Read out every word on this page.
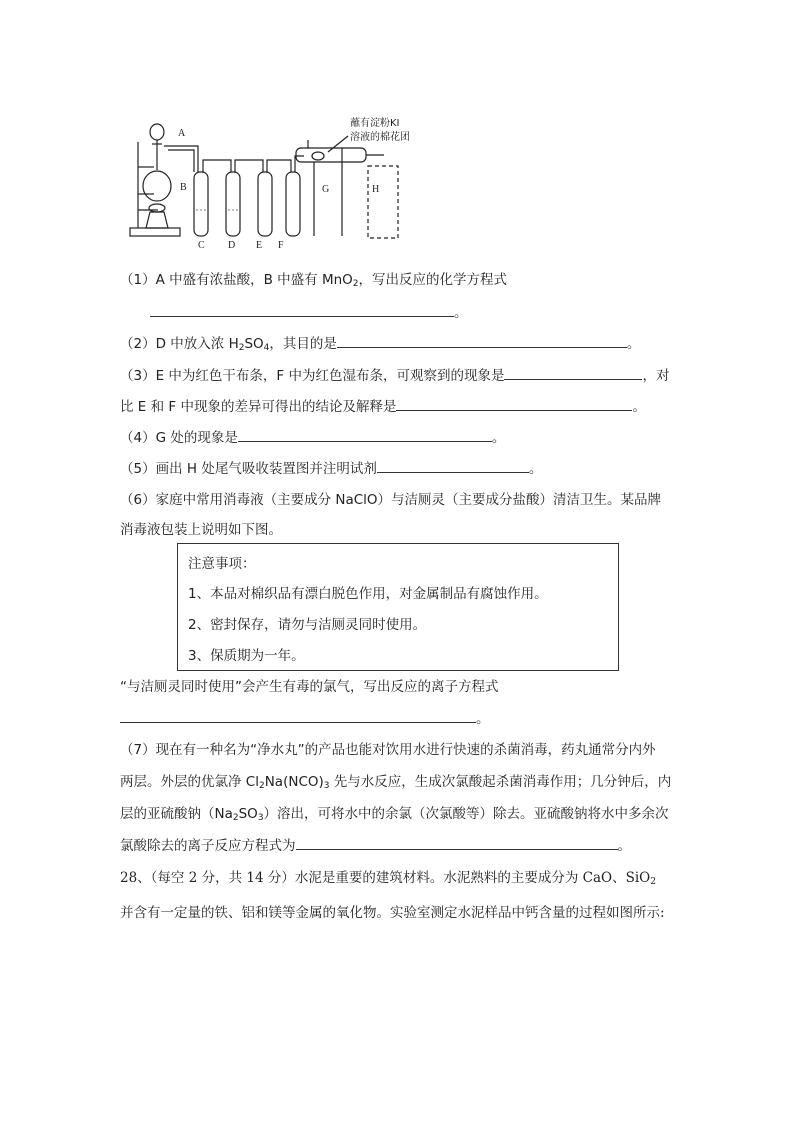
A
B
C D E F
G	H
蘸有淀粉KI
溶液的棉花团
（1）A 中盛有浓盐酸，B 中盛有 MnO$_2$，写出反应的化学方程式
。
（2）D 中放入浓 $H_2SO_4$，其目的是	。
（3）E 中为红色干布条，F 中为红色湿布条，可观察到的现象是	，对
比 E 和 F 中现象的差异可得出的结论及解释是	。
（4）G 处的现象是	。
（5）画出 H 处尾气吸收装置图并注明试剂	。
（6）家庭中常用消毒液（主要成分 NaClO）与洁厕灵（主要成分盐酸）清洁卫生。某品牌
消毒液包装上说明如下图。
注意事项：
1、本品对棉织品有漂白脱色作用，对金属制品有腐蚀作用。
2、密封保存，请勿与洁厕灵同时使用。
3、保质期为一年。
“与洁厕灵同时使用”会产生有毒的氯气，写出反应的离子方程式
。
（7）现在有一种名为“净水丸”的产品也能对饮用水进行快速的杀菌消毒，药丸通常分内外
两层。外层的优氯净 $Cl_2Na(NCO)_3$ 先与水反应，生成次氯酸起杀菌消毒作用；几分钟后，内
层的亚硫酸钠$(Na_2SO_3)$溶出，可将水中的余氯（次氯酸等）除去。亚硫酸钠将水中多余次
氯酸除去的离子反应方程式为	。
28、（每空 2 分，共 14 分）水泥是重要的建筑材料。水泥熟料的主要成分为 CaO、SiO$_2$
并含有一定量的铁、铝和镁等金属的氧化物。实验室测定水泥样品中钙含量的过程如图所示:
